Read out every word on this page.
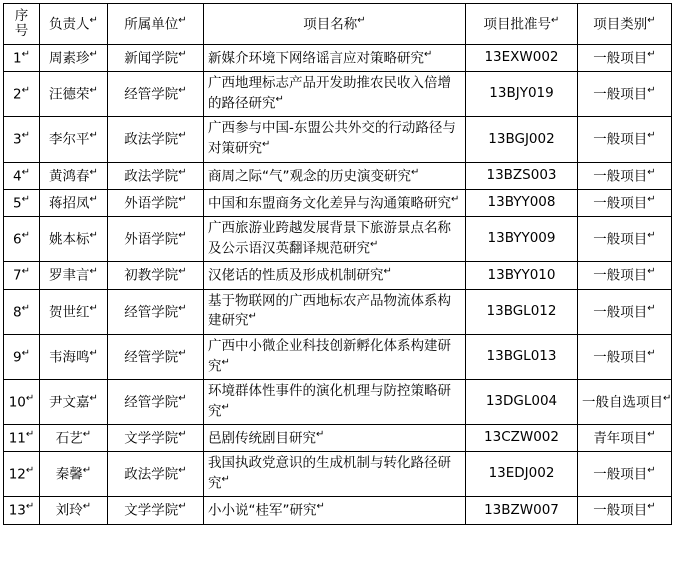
序
号	负责人↵	所属单位↵	项目名称↵	项目批准号↵	项目类别↵
1↵	周素珍↵	新闻学院↵	新媒介环境下网络谣言应对策略研究↵	13EXW002	一般项目↵
2↵	汪德荣↵	经管学院↵	广西地理标志产品开发助推农民收入倍增的路径研究↵	13BJY019	一般项目↵
3↵	李尔平↵	政法学院↵	广西参与中国-东盟公共外交的行动路径与对策研究↵	13BGJ002	一般项目↵
4↵	黄鸿春↵	政法学院↵	商周之际“气”观念的历史演变研究↵	13BZS003	一般项目↵
5↵	蒋招凤↵	外语学院↵	中国和东盟商务文化差异与沟通策略研究↵	13BYY008	一般项目↵
6↵	姚本标↵	外语学院↵	广西旅游业跨越发展背景下旅游景点名称及公示语汉英翻译规范研究↵	13BYY009	一般项目↵
7↵	罗聿言↵	初教学院↵	汉佬话的性质及形成机制研究↵	13BYY010	一般项目↵
8↵	贺世红↵	经管学院↵	基于物联网的广西地标农产品物流体系构建研究↵	13BGL012	一般项目↵
9↵	韦海鸣↵	经管学院↵	广西中小微企业科技创新孵化体系构建研究↵	13BGL013	一般项目↵
10↵	尹文嘉↵	经管学院↵	环境群体性事件的演化机理与防控策略研究↵	13DGL004	一般自选项目↵
11↵	石艺↵	文学学院↵	邑剧传统剧目研究↵	13CZW002	青年项目↵
12↵	秦馨↵	政法学院↵	我国执政党意识的生成机制与转化路径研究↵	13EDJ002	一般项目↵
13↵	刘玲↵	文学学院↵	小小说“桂军”研究↵	13BZW007	一般项目↵
